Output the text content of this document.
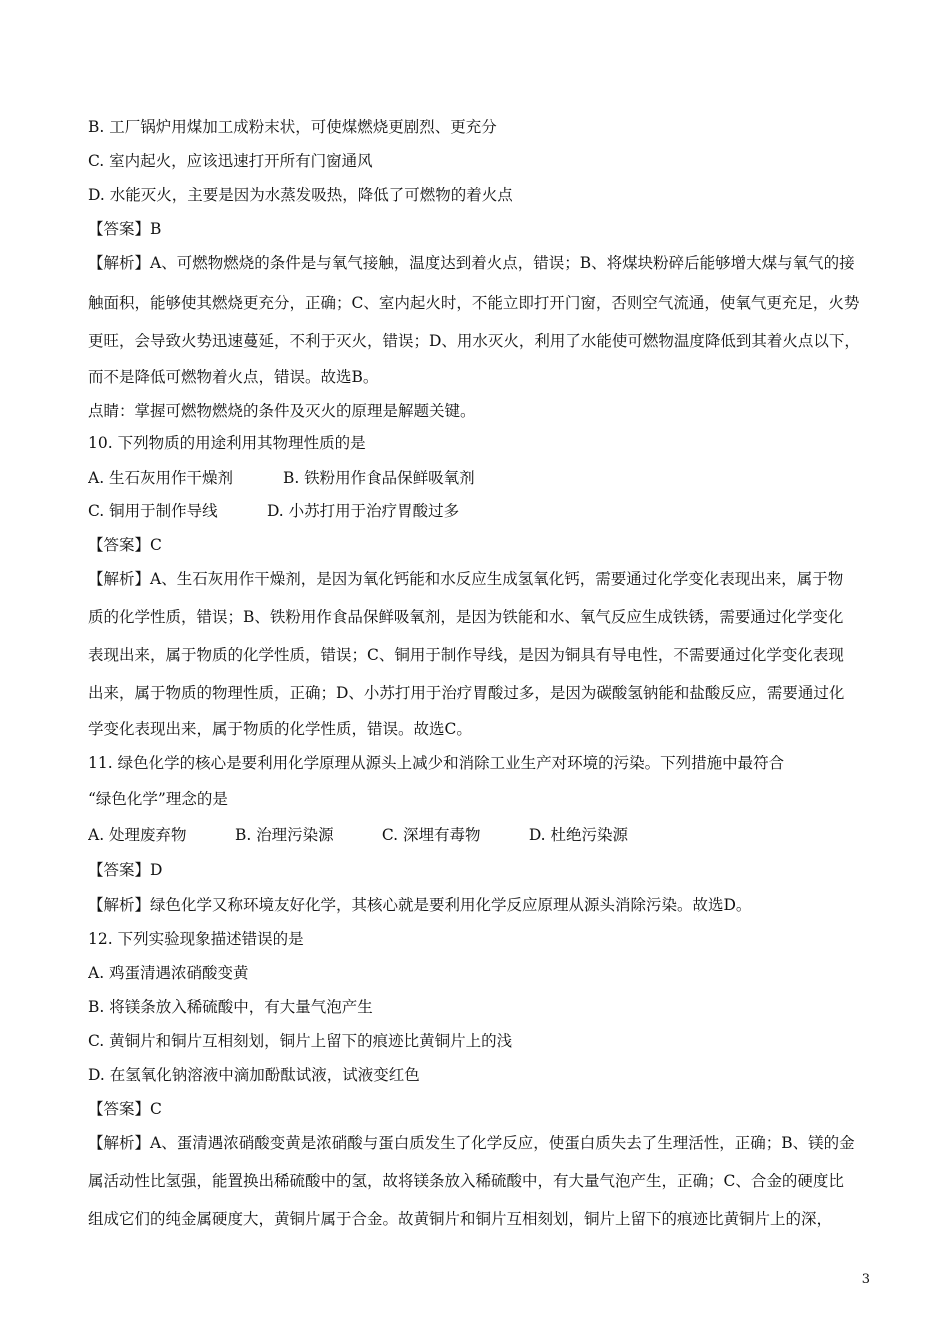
B. 工厂锅炉用煤加工成粉末状，可使煤燃烧更剧烈、更充分
C. 室内起火，应该迅速打开所有门窗通风
D. 水能灭火，主要是因为水蒸发吸热，降低了可燃物的着火点
【答案】B
【解析】A、可燃物燃烧的条件是与氧气接触，温度达到着火点，错误；B、将煤块粉碎后能够增大煤与氧气的接
触面积，能够使其燃烧更充分，正确；C、室内起火时，不能立即打开门窗，否则空气流通，使氧气更充足，火势
更旺，会导致火势迅速蔓延，不利于灭火，错误；D、用水灭火，利用了水能使可燃物温度降低到其着火点以下，
而不是降低可燃物着火点，错误。故选B。
点睛：掌握可燃物燃烧的条件及灭火的原理是解题关键。
10. 下列物质的用途利用其物理性质的是
A. 生石灰用作干燥剂	B. 铁粉用作食品保鲜吸氧剂
C. 铜用于制作导线	D. 小苏打用于治疗胃酸过多
【答案】C
【解析】A、生石灰用作干燥剂，是因为氧化钙能和水反应生成氢氧化钙，需要通过化学变化表现出来，属于物
质的化学性质，错误；B、铁粉用作食品保鲜吸氧剂，是因为铁能和水、氧气反应生成铁锈，需要通过化学变化
表现出来，属于物质的化学性质，错误；C、铜用于制作导线，是因为铜具有导电性，不需要通过化学变化表现
出来，属于物质的物理性质，正确；D、小苏打用于治疗胃酸过多，是因为碳酸氢钠能和盐酸反应，需要通过化
学变化表现出来，属于物质的化学性质，错误。故选C。
11. 绿色化学的核心是要利用化学原理从源头上减少和消除工业生产对环境的污染。下列措施中最符合
“绿色化学”理念的是
A. 处理废弃物	B. 治理污染源	C. 深埋有毒物	D. 杜绝污染源
【答案】D
【解析】绿色化学又称环境友好化学，其核心就是要利用化学反应原理从源头消除污染。故选D。
12. 下列实验现象描述错误的是
A. 鸡蛋清遇浓硝酸变黄
B. 将镁条放入稀硫酸中，有大量气泡产生
C. 黄铜片和铜片互相刻划，铜片上留下的痕迹比黄铜片上的浅
D. 在氢氧化钠溶液中滴加酚酞试液，试液变红色
【答案】C
【解析】A、蛋清遇浓硝酸变黄是浓硝酸与蛋白质发生了化学反应，使蛋白质失去了生理活性，正确；B、镁的金
属活动性比氢强，能置换出稀硫酸中的氢，故将镁条放入稀硫酸中，有大量气泡产生，正确；C、合金的硬度比
组成它们的纯金属硬度大，黄铜片属于合金。故黄铜片和铜片互相刻划，铜片上留下的痕迹比黄铜片上的深，
3
